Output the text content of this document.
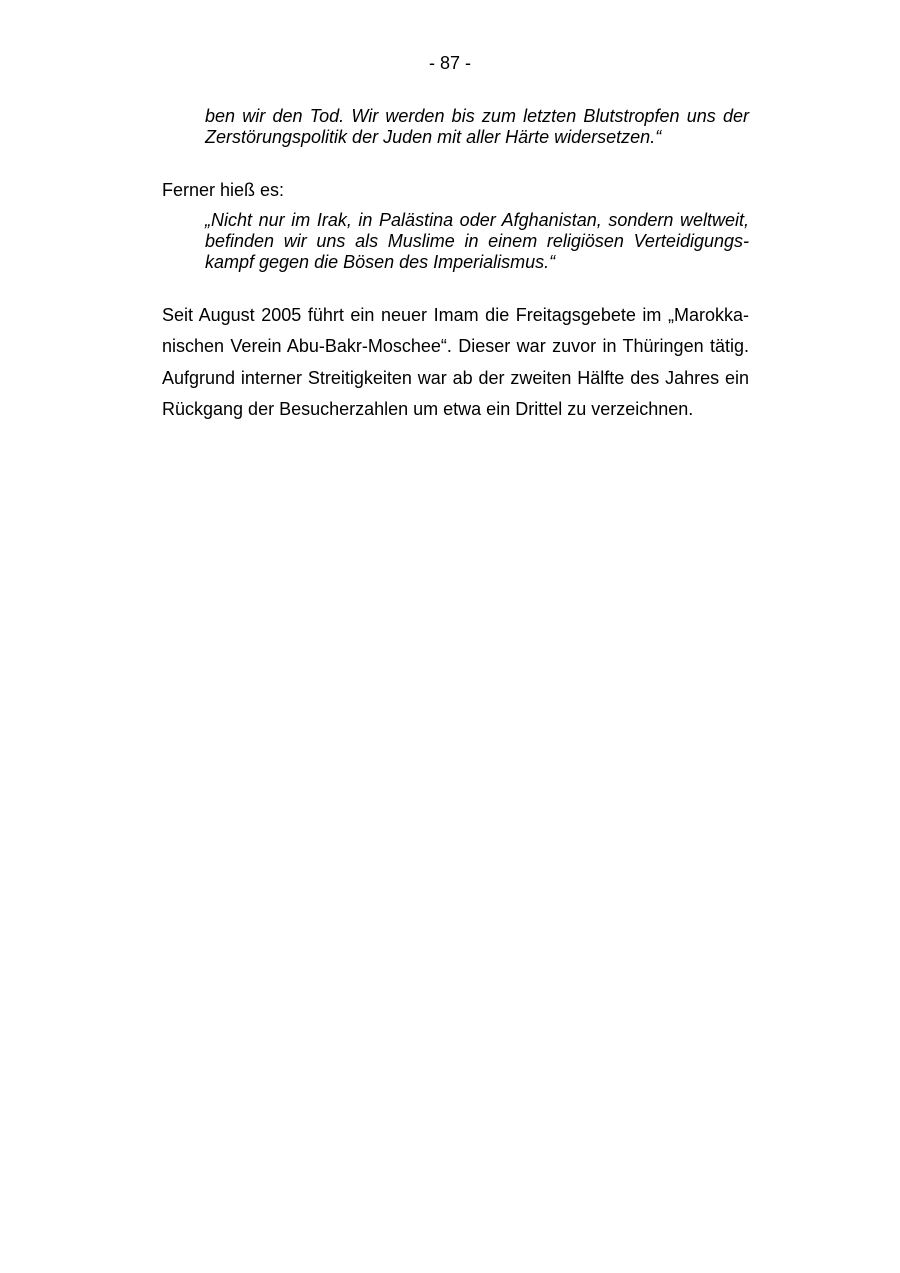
- 87 -
ben wir den Tod. Wir werden bis zum letzten Blutstropfen uns der
Zerstörungspolitik der Juden mit aller Härte widersetzen.“
Ferner hieß es:
„Nicht nur im Irak, in Palästina oder Afghanistan, sondern weltweit,
befinden wir uns als Muslime in einem religiösen Verteidigungs-
kampf gegen die Bösen des Imperialismus.“
Seit August 2005 führt ein neuer Imam die Freitagsgebete im „Marokka-
nischen Verein Abu-Bakr-Moschee“. Dieser war zuvor in Thüringen tätig.
Aufgrund interner Streitigkeiten war ab der zweiten Hälfte des Jahres ein
Rückgang der Besucherzahlen um etwa ein Drittel zu verzeichnen.
